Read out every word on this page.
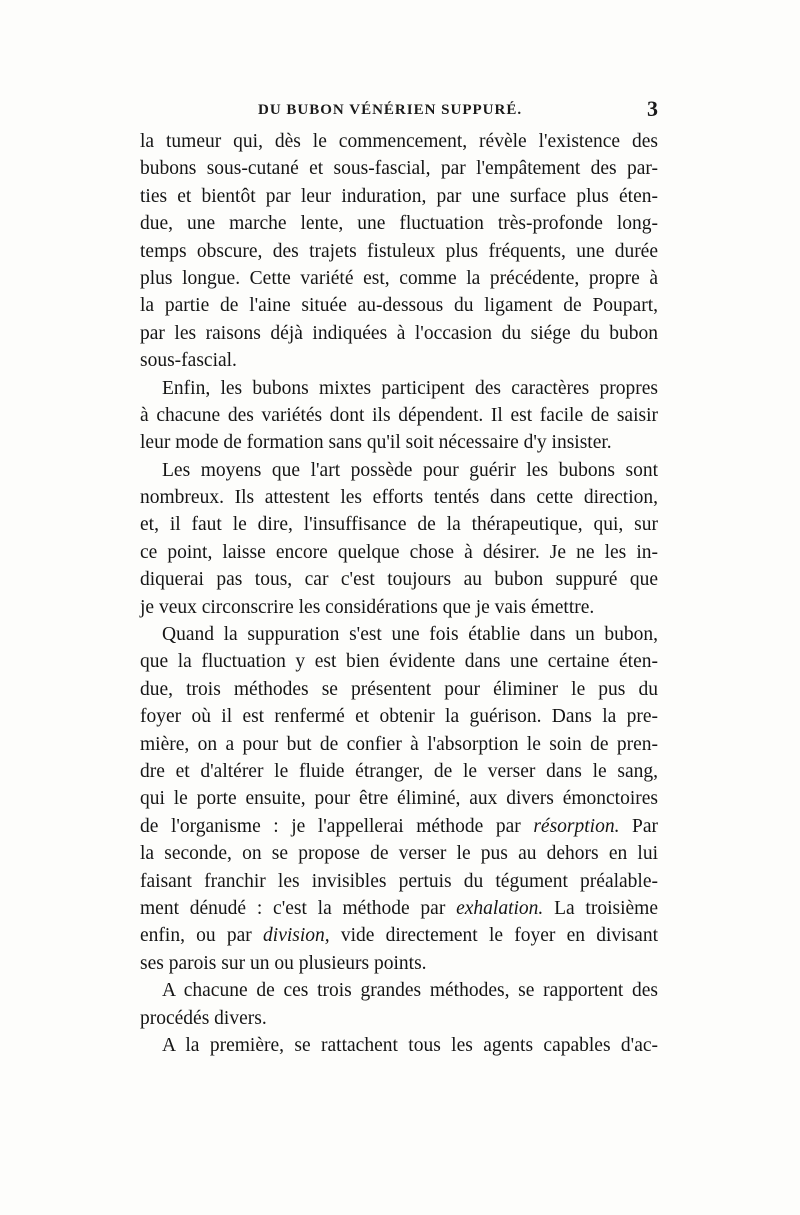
DU BUBON VÉNÉRIEN SUPPURÉ.	3
la tumeur qui, dès le commencement, révèle l'existence des
bubons sous-cutané et sous-fascial, par l'empâtement des par-
ties et bientôt par leur induration, par une surface plus éten-
due, une marche lente, une fluctuation très-profonde long-
temps obscure, des trajets fistuleux plus fréquents, une durée
plus longue. Cette variété est, comme la précédente, propre à
la partie de l'aine située au-dessous du ligament de Poupart,
par les raisons déjà indiquées à l'occasion du siége du bubon
sous-fascial.
Enfin, les bubons mixtes participent des caractères propres
à chacune des variétés dont ils dépendent. Il est facile de saisir
leur mode de formation sans qu'il soit nécessaire d'y insister.
Les moyens que l'art possède pour guérir les bubons sont
nombreux. Ils attestent les efforts tentés dans cette direction,
et, il faut le dire, l'insuffisance de la thérapeutique, qui, sur
ce point, laisse encore quelque chose à désirer. Je ne les in-
diquerai pas tous, car c'est toujours au bubon suppuré que
je veux circonscrire les considérations que je vais émettre.
Quand la suppuration s'est une fois établie dans un bubon,
que la fluctuation y est bien évidente dans une certaine éten-
due, trois méthodes se présentent pour éliminer le pus du
foyer où il est renfermé et obtenir la guérison. Dans la pre-
mière, on a pour but de confier à l'absorption le soin de pren-
dre et d'altérer le fluide étranger, de le verser dans le sang,
qui le porte ensuite, pour être éliminé, aux divers émonctoires
de l'organisme : je l'appellerai méthode par résorption. Par
la seconde, on se propose de verser le pus au dehors en lui
faisant franchir les invisibles pertuis du tégument préalable-
ment dénudé : c'est la méthode par exhalation. La troisième
enfin, ou par division, vide directement le foyer en divisant
ses parois sur un ou plusieurs points.
A chacune de ces trois grandes méthodes, se rapportent des
procédés divers.
A la première, se rattachent tous les agents capables d'ac-
